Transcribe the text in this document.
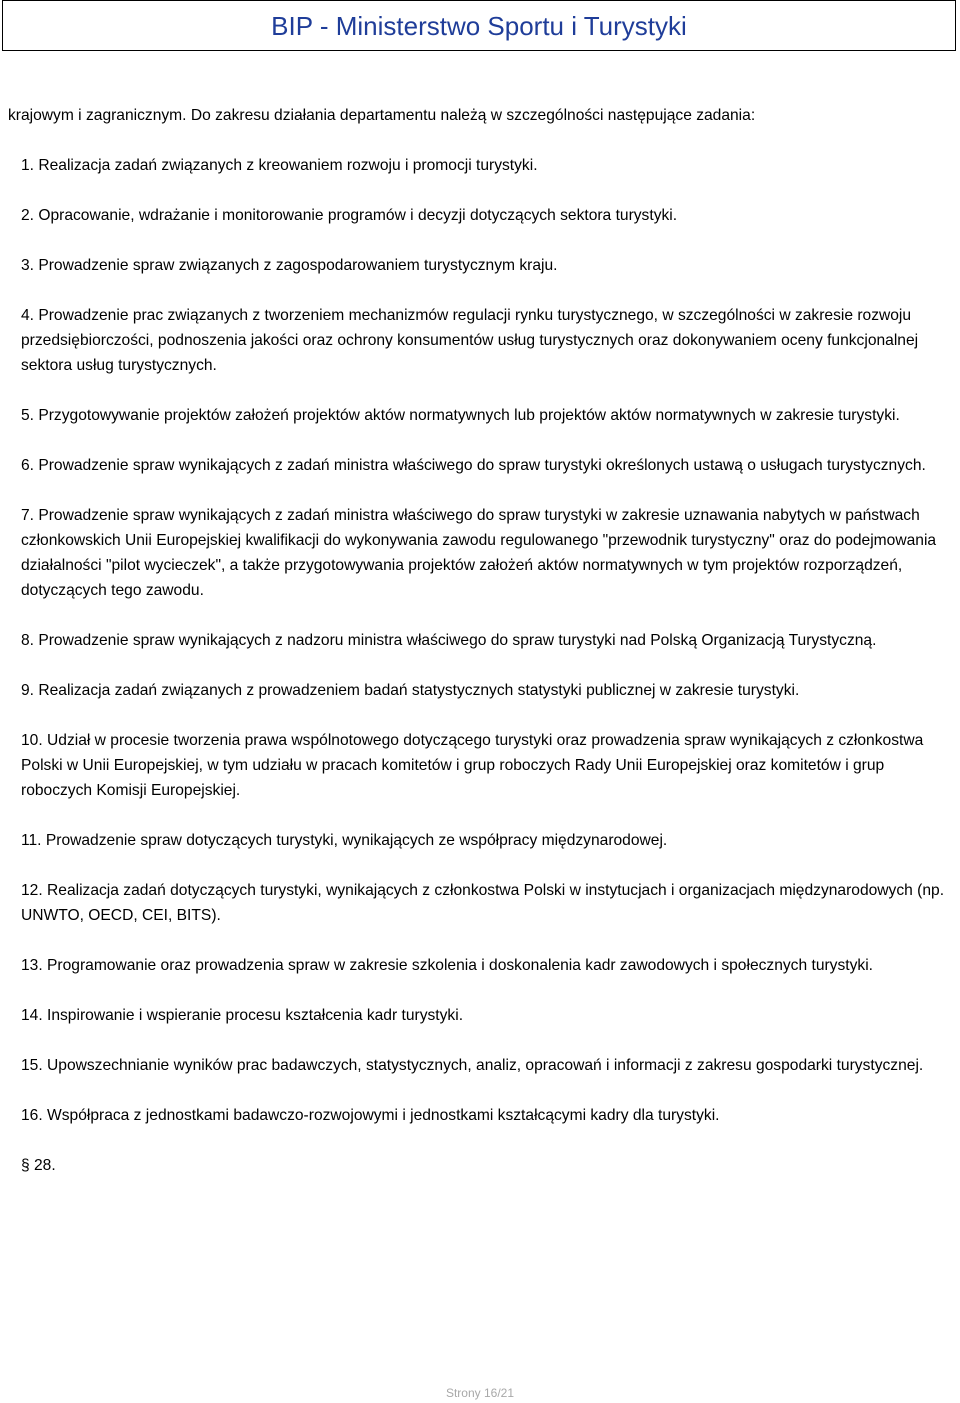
BIP - Ministerstwo Sportu i Turystyki

krajowym i zagranicznym. Do zakresu działania departamentu należą w szczególności następujące zadania:

1. Realizacja zadań związanych z kreowaniem rozwoju i promocji turystyki.

2. Opracowanie, wdrażanie i monitorowanie programów i decyzji dotyczących sektora turystyki.

3. Prowadzenie spraw związanych z zagospodarowaniem turystycznym kraju.

4. Prowadzenie prac związanych z tworzeniem mechanizmów regulacji rynku turystycznego, w szczególności w zakresie rozwoju przedsiębiorczości, podnoszenia jakości oraz ochrony konsumentów usług turystycznych oraz dokonywaniem oceny funkcjonalnej sektora usług turystycznych.

5. Przygotowywanie projektów założeń projektów aktów normatywnych lub projektów aktów normatywnych w zakresie turystyki.

6. Prowadzenie spraw wynikających z zadań ministra właściwego do spraw turystyki określonych ustawą o usługach turystycznych.

7. Prowadzenie spraw wynikających z zadań ministra właściwego do spraw turystyki w zakresie uznawania nabytych w państwach członkowskich Unii Europejskiej kwalifikacji do wykonywania zawodu regulowanego "przewodnik turystyczny" oraz do podejmowania działalności "pilot wycieczek", a także przygotowywania projektów założeń aktów normatywnych w tym projektów rozporządzeń, dotyczących tego zawodu.

8. Prowadzenie spraw wynikających z nadzoru ministra właściwego do spraw turystyki nad Polską Organizacją Turystyczną.

9. Realizacja zadań związanych z prowadzeniem badań statystycznych statystyki publicznej w zakresie turystyki.

10. Udział w procesie tworzenia prawa wspólnotowego dotyczącego turystyki oraz prowadzenia spraw wynikających z członkostwa Polski w Unii Europejskiej, w tym udziału w pracach komitetów i grup roboczych Rady Unii Europejskiej oraz komitetów i grup roboczych Komisji Europejskiej.

11. Prowadzenie spraw dotyczących turystyki, wynikających ze współpracy międzynarodowej.

12. Realizacja zadań dotyczących turystyki, wynikających z członkostwa Polski w instytucjach i organizacjach międzynarodowych (np. UNWTO, OECD, CEI, BITS).

13. Programowanie oraz prowadzenia spraw w zakresie szkolenia i doskonalenia kadr zawodowych i społecznych turystyki.

14. Inspirowanie i wspieranie procesu kształcenia kadr turystyki.

15. Upowszechnianie wyników prac badawczych, statystycznych, analiz, opracowań i informacji z zakresu gospodarki turystycznej.

16. Współpraca z jednostkami badawczo-rozwojowymi i jednostkami kształcącymi kadry dla turystyki.

§ 28.

Strony 16/21
